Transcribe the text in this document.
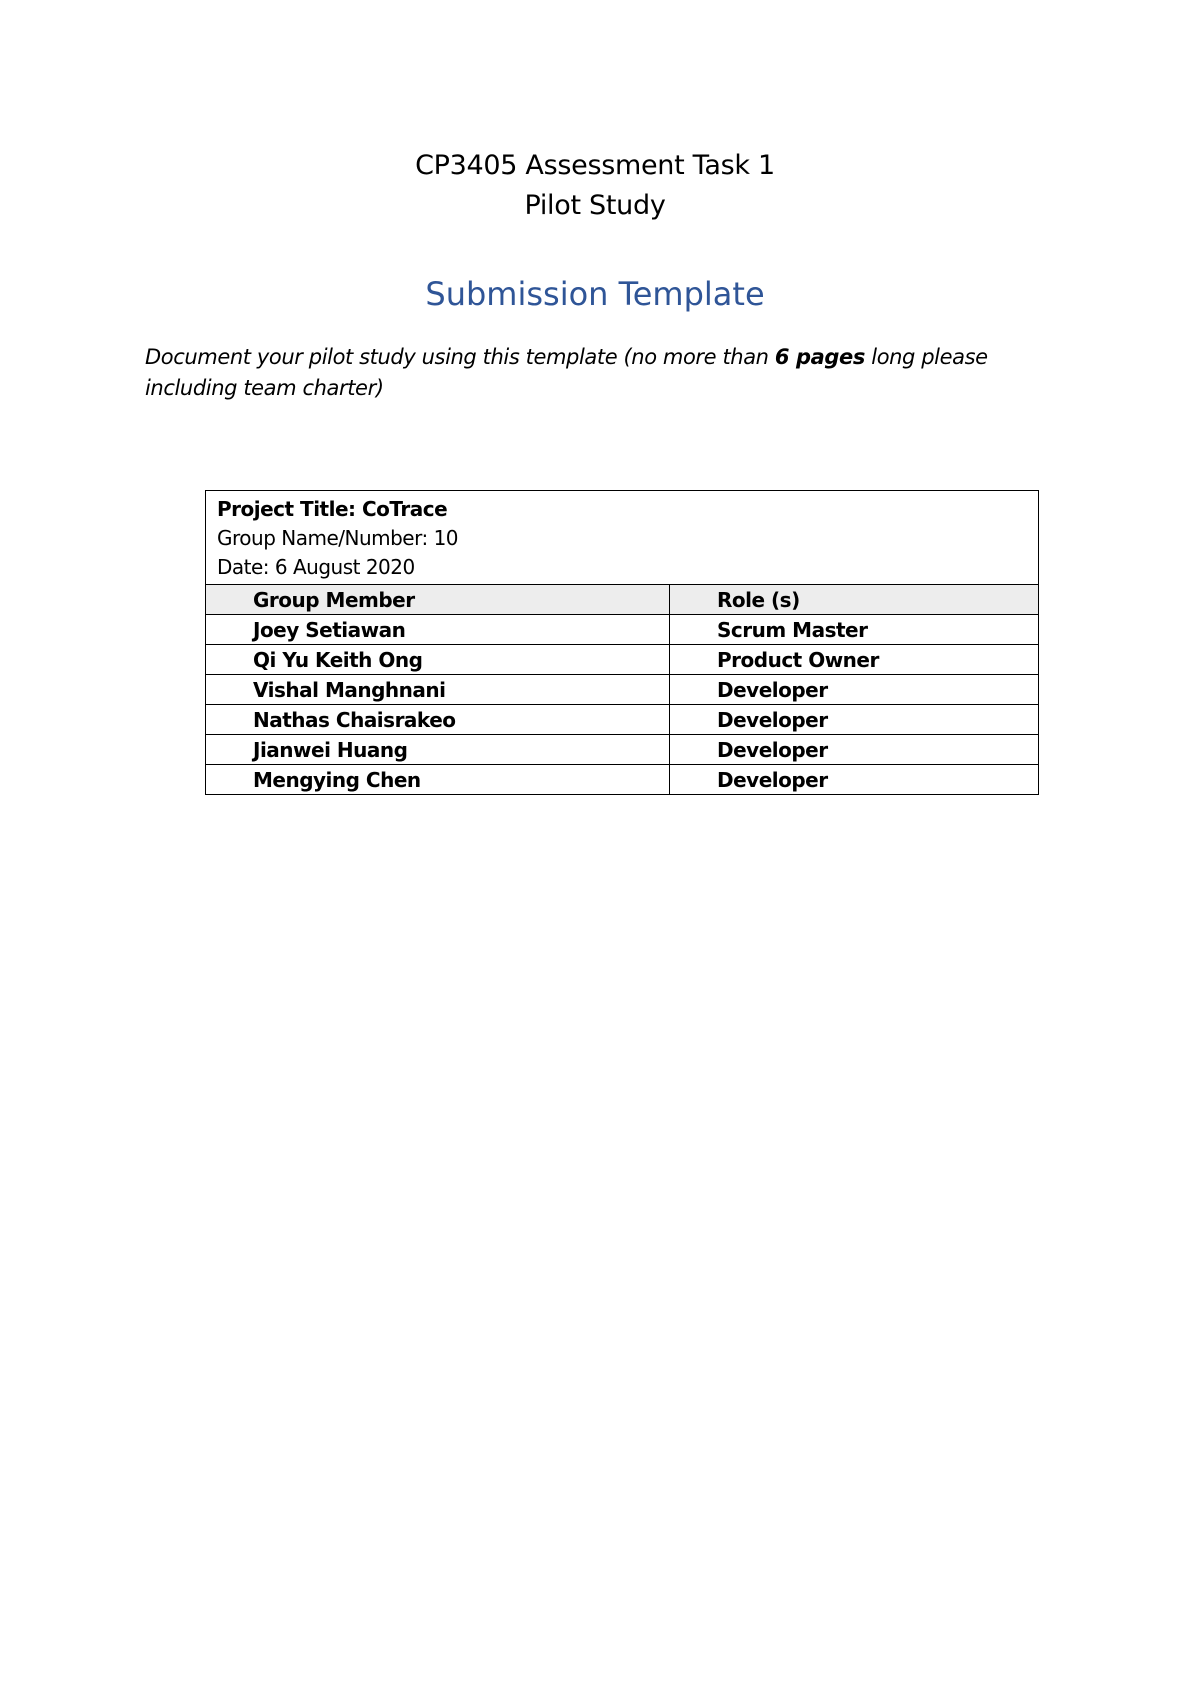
CP3405 Assessment Task 1
Pilot Study
Submission Template

Document your pilot study using this template (no more than 6 pages long please including team charter)

Project Title: CoTrace
Group Name/Number: 10
Date: 6 August 2020	

Group Member	Role (s)
Joey Setiawan	Scrum Master
Qi Yu Keith Ong	Product Owner
Vishal Manghnani	Developer
Nathas Chaisrakeo	Developer
Jianwei Huang	Developer
Mengying Chen	Developer
